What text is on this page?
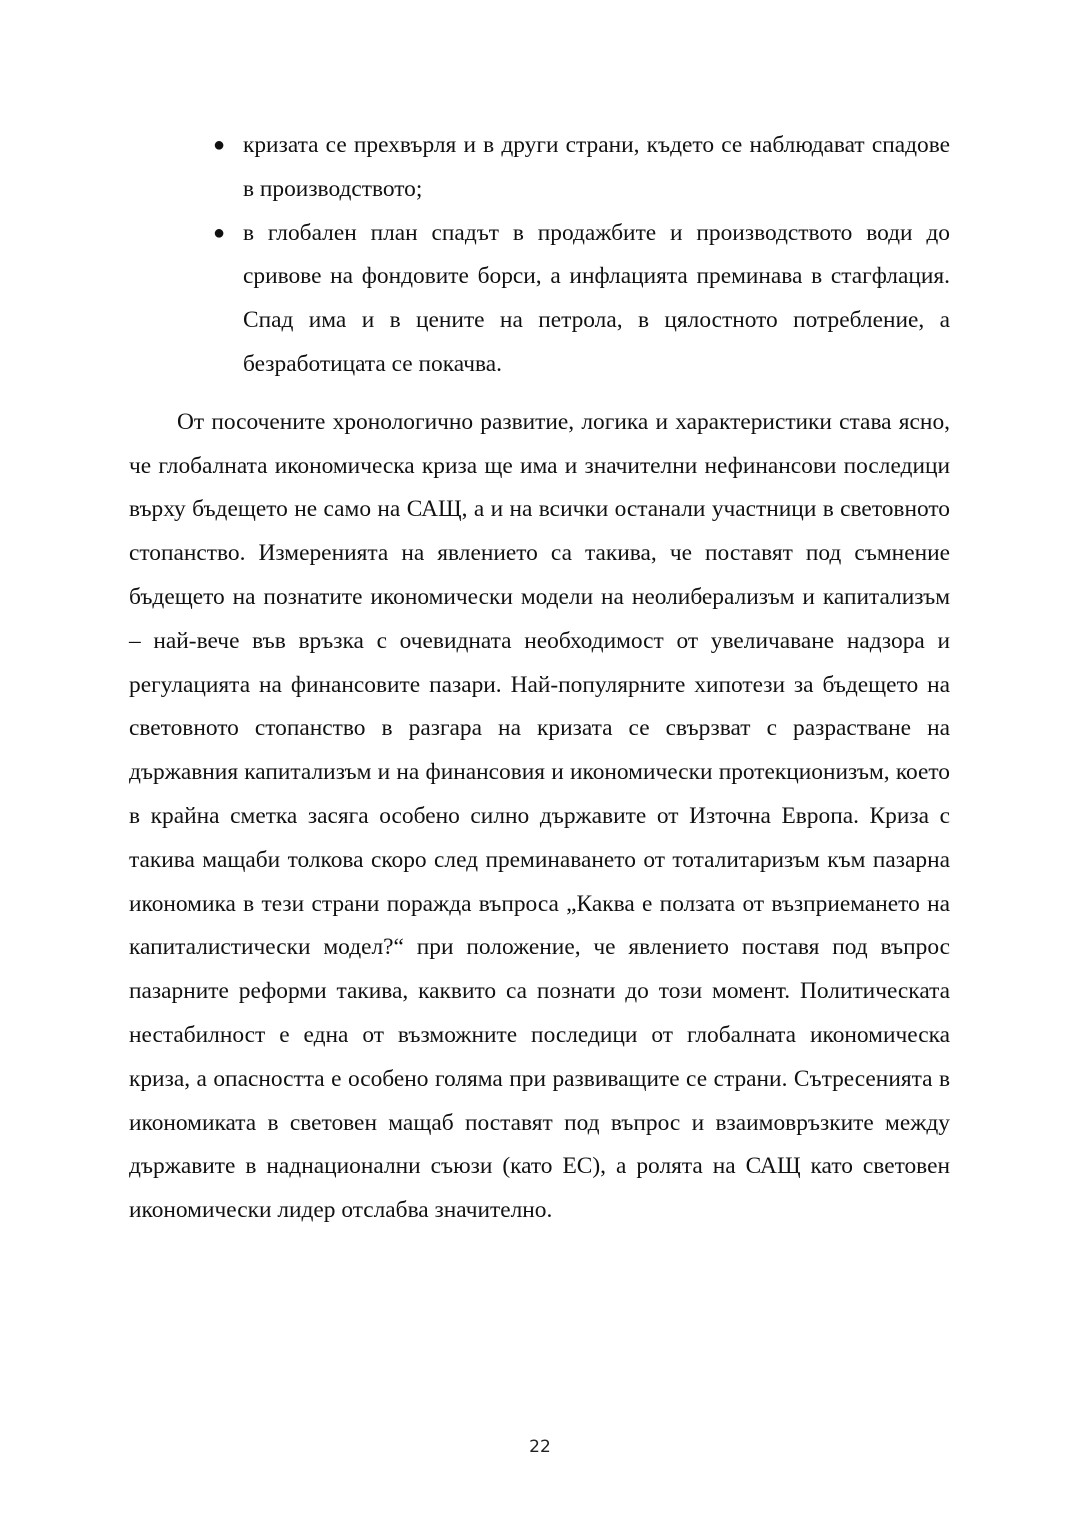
● кризата се прехвърля и в други страни, където се наблюдават спадове в производството;
● в глобален план спадът в продажбите и производството води до сривове на фондовите борси, а инфлацията преминава в стагфлация. Спад има и в цените на петрола, в цялостното потребление, а безработицата се покачва.

От посочените хронологично развитие, логика и характеристики става ясно, че глобалната икономическа криза ще има и значителни нефинансови последици върху бъдещето не само на САЩ, а и на всички останали участници в световното стопанство. Измеренията на явлението са такива, че поставят под съмнение бъдещето на познатите икономически модели на неолиберализъм и капитализъм – най-вече във връзка с очевидната необходимост от увеличаване надзора и регулацията на финансовите пазари. Най-популярните хипотези за бъдещето на световното стопанство в разгара на кризата се свързват с разрастване на държавния капитализъм и на финансовия и икономически протекционизъм, което в крайна сметка засяга особено силно държавите от Източна Европа. Криза с такива мащаби толкова скоро след преминаването от тоталитаризъм към пазарна икономика в тези страни поражда въпроса „Каква е ползата от възприемането на капиталистически модел?“ при положение, че явлението поставя под въпрос пазарните реформи такива, каквито са познати до този момент. Политическата нестабилност е една от възможните последици от глобалната икономическа криза, а опасността е особено голяма при развиващите се страни. Сътресенията в икономиката в световен мащаб поставят под въпрос и взаимовръзките между държавите в наднационални съюзи (като ЕС), а ролята на САЩ като световен икономически лидер отслабва значително.

22
